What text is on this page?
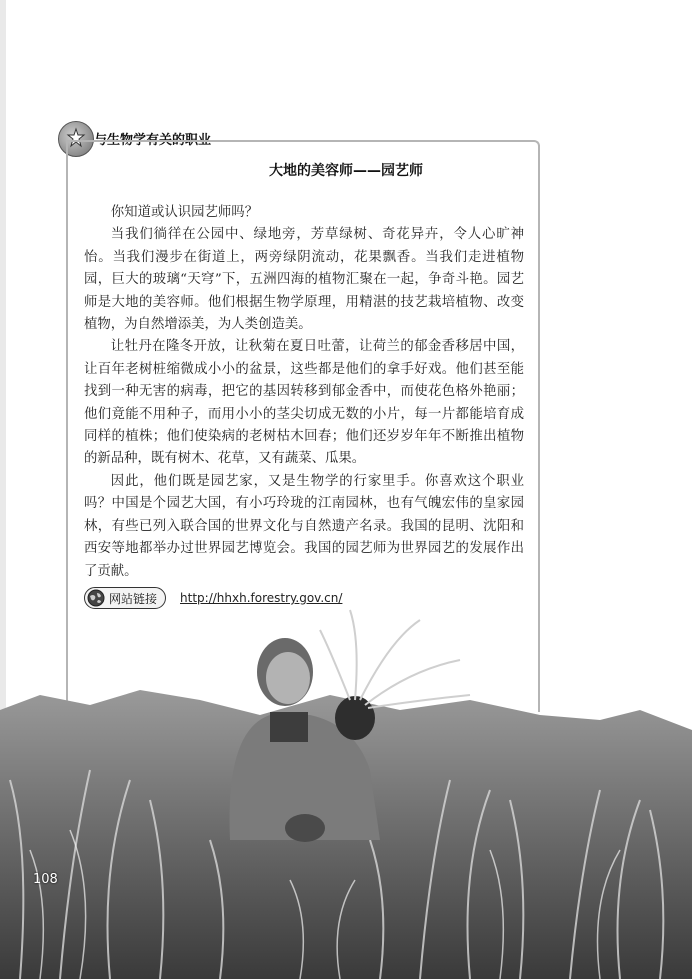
与生物学有关的职业
大地的美容师——园艺师

你知道或认识园艺师吗？

当我们徜徉在公园中、绿地旁，芳草绿树、奇花异卉，令人心旷神怡。当我们漫步在街道上，两旁绿阴流动，花果飘香。当我们走进植物园，巨大的玻璃“天穹”下，五洲四海的植物汇聚在一起，争奇斗艳。园艺师是大地的美容师。他们根据生物学原理，用精湛的技艺栽培植物、改变植物，为自然增添美，为人类创造美。

让牡丹在隆冬开放，让秋菊在夏日吐蕾，让荷兰的郁金香移居中国，让百年老树桩缩微成小小的盆景，这些都是他们的拿手好戏。他们甚至能找到一种无害的病毒，把它的基因转移到郁金香中，而使花色格外艳丽；他们竟能不用种子，而用小小的茎尖切成无数的小片，每一片都能培育成同样的植株；他们使染病的老树枯木回春；他们还岁岁年年不断推出植物的新品种，既有树木、花草，又有蔬菜、瓜果。

因此，他们既是园艺家，又是生物学的行家里手。你喜欢这个职业吗？中国是个园艺大国，有小巧玲珑的江南园林，也有气魄宏伟的皇家园林，有些已列入联合国的世界文化与自然遗产名录。我国的昆明、沈阳和西安等地都举办过世界园艺博览会。我国的园艺师为世界园艺的发展作出了贡献。

网站链接 http://hhxh.forestry.gov.cn/
108
